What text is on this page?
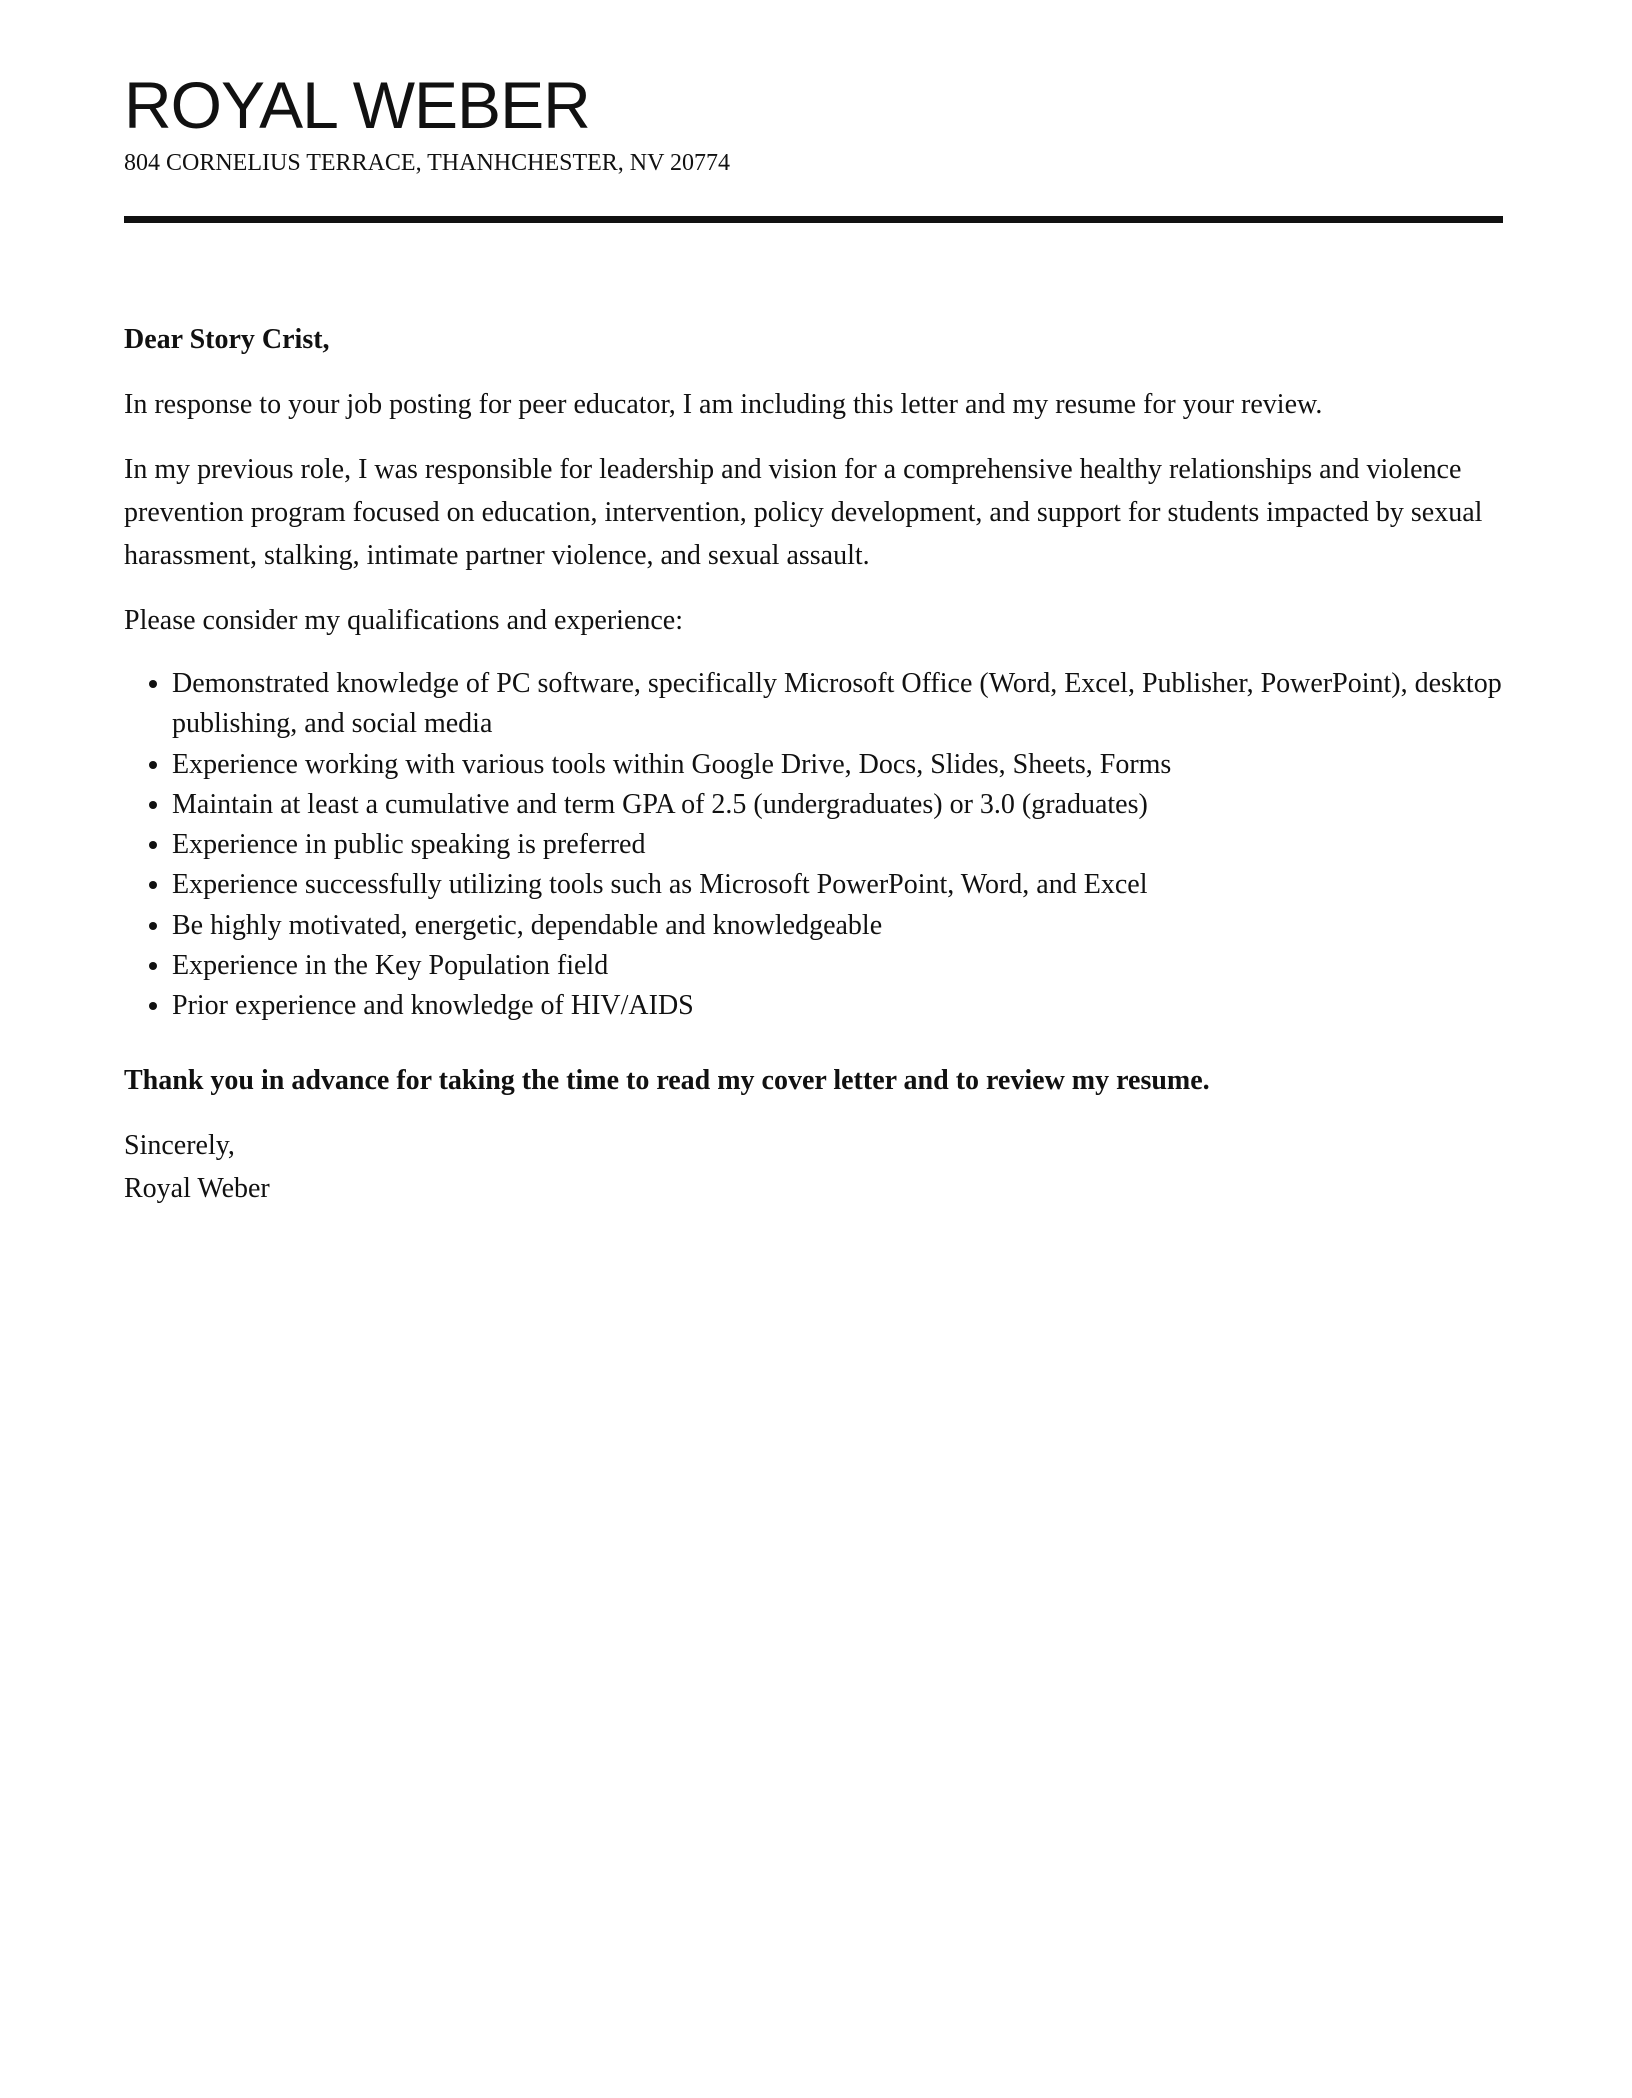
ROYAL WEBER
804 CORNELIUS TERRACE, THANHCHESTER, NV 20774

Dear Story Crist,

In response to your job posting for peer educator, I am including this letter and my resume for your review.

In my previous role, I was responsible for leadership and vision for a comprehensive healthy relationships and violence prevention program focused on education, intervention, policy development, and support for students impacted by sexual harassment, stalking, intimate partner violence, and sexual assault.

Please consider my qualifications and experience:

• Demonstrated knowledge of PC software, specifically Microsoft Office (Word, Excel, Publisher, PowerPoint), desktop publishing, and social media
• Experience working with various tools within Google Drive, Docs, Slides, Sheets, Forms
• Maintain at least a cumulative and term GPA of 2.5 (undergraduates) or 3.0 (graduates)
• Experience in public speaking is preferred
• Experience successfully utilizing tools such as Microsoft PowerPoint, Word, and Excel
• Be highly motivated, energetic, dependable and knowledgeable
• Experience in the Key Population field
• Prior experience and knowledge of HIV/AIDS

Thank you in advance for taking the time to read my cover letter and to review my resume.

Sincerely,
Royal Weber
